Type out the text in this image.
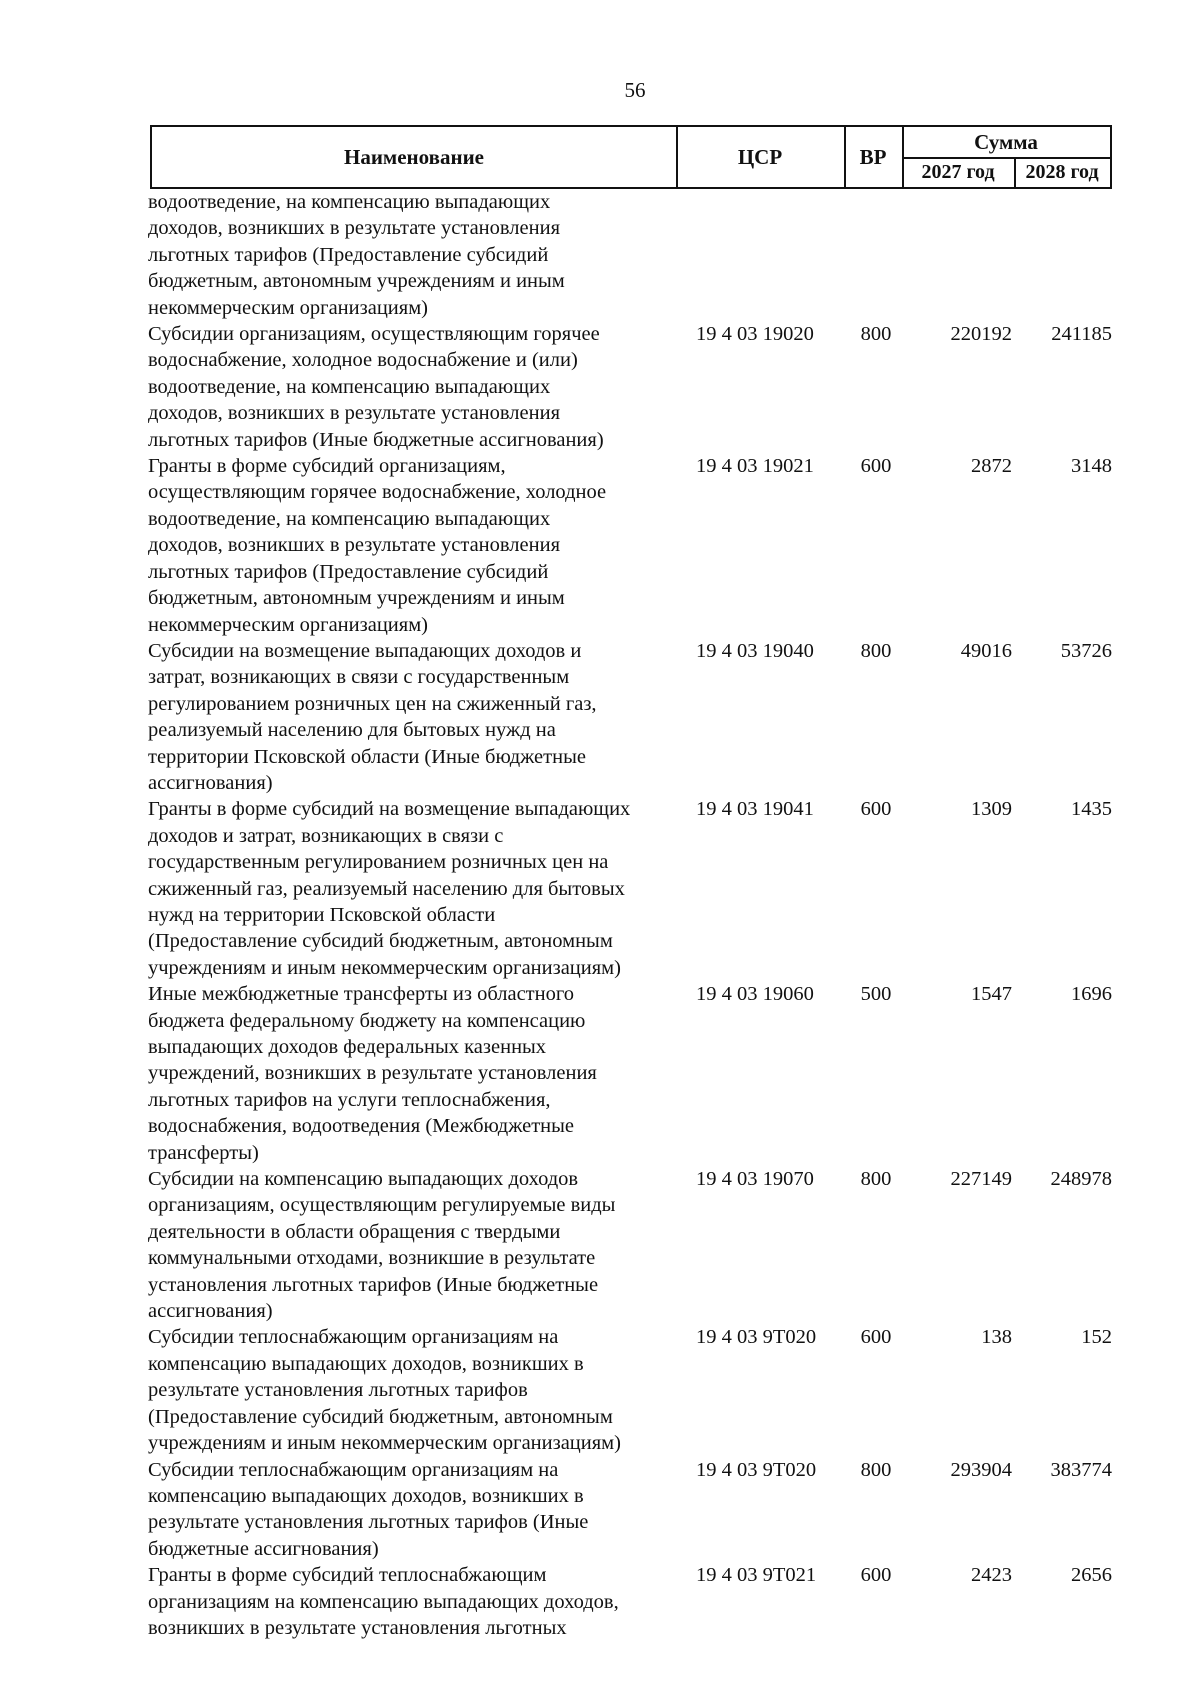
56
Наименование	ЦСР	ВР
Сумма
2027 год	2028 год
водоотведение, на компенсацию выпадающих
доходов, возникших в результате установления
льготных тарифов (Предоставление субсидий
бюджетным, автономным учреждениям и иным
некоммерческим организациям)
Субсидии организациям, осуществляющим горячее
водоснабжение, холодное водоснабжение и (или)
водоотведение, на компенсацию выпадающих
доходов, возникших в результате установления
льготных тарифов (Иные бюджетные ассигнования)
19 4 03 19020	800	220192	241185
Гранты в форме субсидий организациям,
осуществляющим горячее водоснабжение, холодное
водоотведение, на компенсацию выпадающих
доходов, возникших в результате установления
льготных тарифов (Предоставление субсидий
бюджетным, автономным учреждениям и иным
некоммерческим организациям)
19 4 03 19021	600	2872	3148
Субсидии на возмещение выпадающих доходов и
затрат, возникающих в связи с государственным
регулированием розничных цен на сжиженный газ,
реализуемый населению для бытовых нужд на
территории Псковской области (Иные бюджетные
ассигнования)
19 4 03 19040	800	49016	53726
Гранты в форме субсидий на возмещение выпадающих
доходов и затрат, возникающих в связи с
государственным регулированием розничных цен на
сжиженный газ, реализуемый населению для бытовых
нужд на территории Псковской области
(Предоставление субсидий бюджетным, автономным
учреждениям и иным некоммерческим организациям)
19 4 03 19041	600	1309	1435
Иные межбюджетные трансферты из областного
бюджета федеральному бюджету на компенсацию
выпадающих доходов федеральных казенных
учреждений, возникших в результате установления
льготных тарифов на услуги теплоснабжения,
водоснабжения, водоотведения (Межбюджетные
трансферты)
19 4 03 19060	500	1547	1696
Субсидии на компенсацию выпадающих доходов
организациям, осуществляющим регулируемые виды
деятельности в области обращения с твердыми
коммунальными отходами, возникшие в результате
установления льготных тарифов (Иные бюджетные
ассигнования)
19 4 03 19070	800	227149	248978
Субсидии теплоснабжающим организациям на
компенсацию выпадающих доходов, возникших в
результате установления льготных тарифов
(Предоставление субсидий бюджетным, автономным
учреждениям и иным некоммерческим организациям)
19 4 03 9Т020	600	138	152
Субсидии теплоснабжающим организациям на
компенсацию выпадающих доходов, возникших в
результате установления льготных тарифов (Иные
бюджетные ассигнования)
19 4 03 9Т020	800	293904	383774
Гранты в форме субсидий теплоснабжающим
организациям на компенсацию выпадающих доходов,
возникших в результате установления льготных
19 4 03 9Т021	600	2423	2656
